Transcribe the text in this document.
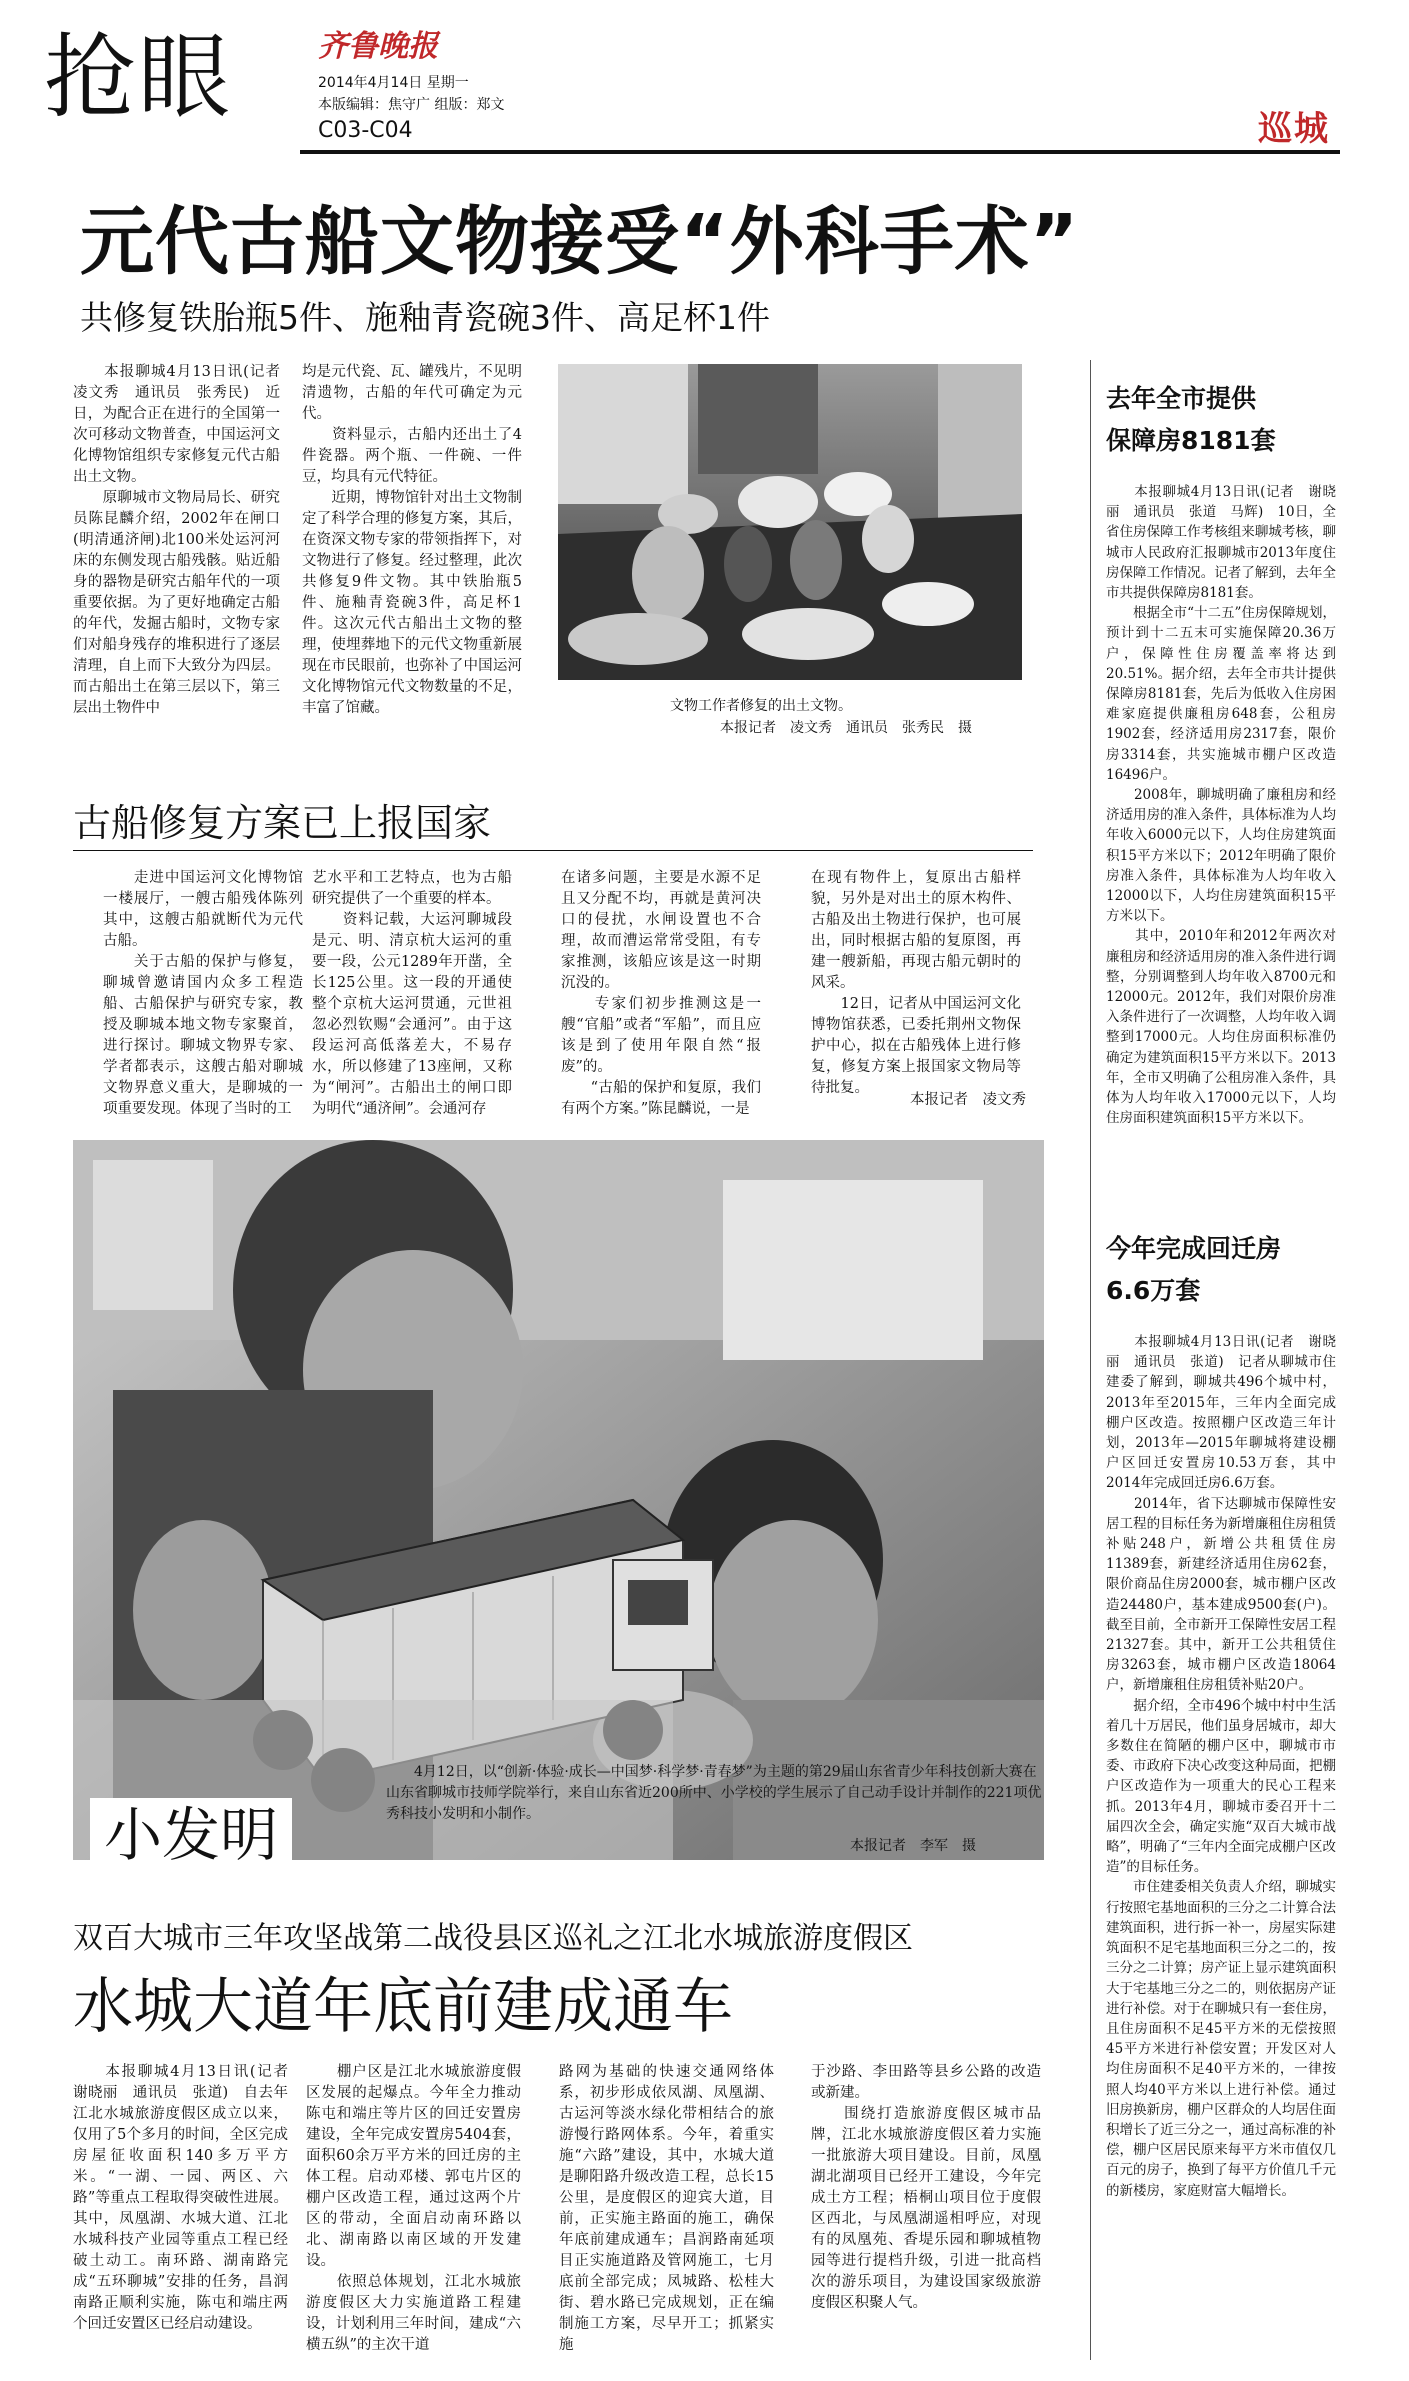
抢眼	齐鲁晚报
2014年4月14日 星期一
本版编辑：焦守广 组版：郑文
C03-C04	巡城
元代古船文物接受“外科手术”
共修复铁胎瓶5件、施釉青瓷碗3件、高足杯1件
　　本报聊城4月13日讯(记者　凌文秀　通讯员　张秀民)　近日，为配合正在进行的全国第一次可移动文物普查，中国运河文化博物馆组织专家修复元代古船出土文物。
　　原聊城市文物局局长、研究员陈昆麟介绍，2002年在闸口(明清通济闸)北100米处运河河床的东侧发现古船残骸。贴近船身的器物是研究古船年代的一项重要依据。为了更好地确定古船的年代，发掘古船时，文物专家们对船身残存的堆积进行了逐层清理，自上而下大致分为四层。而古船出土在第三层以下，第三层出土物件中
均是元代瓷、瓦、罐残片，不见明清遗物，古船的年代可确定为元代。
　　资料显示，古船内还出土了4件瓷器。两个瓶、一件碗、一件豆，均具有元代特征。
　　近期，博物馆针对出土文物制定了科学合理的修复方案，其后，在资深文物专家的带领指挥下，对文物进行了修复。经过整理，此次共修复9件文物。其中铁胎瓶5件、施釉青瓷碗3件，高足杯1件。这次元代古船出土文物的整理，使埋葬地下的元代文物重新展现在市民眼前，也弥补了中国运河文化博物馆元代文物数量的不足，丰富了馆藏。	文物工作者修复的出土文物。
本报记者　凌文秀　通讯员　张秀民　摄
古船修复方案已上报国家
　　走进中国运河文化博物馆一楼展厅，一艘古船残体陈列其中，这艘古船就断代为元代古船。
　　关于古船的保护与修复，聊城曾邀请国内众多工程造船、古船保护与研究专家，教授及聊城本地文物专家聚首，进行探讨。聊城文物界专家、学者都表示，这艘古船对聊城文物界意义重大，是聊城的一项重要发现。体现了当时的工
艺水平和工艺特点，也为古船研究提供了一个重要的样本。
　　资料记载，大运河聊城段是元、明、清京杭大运河的重要一段，公元1289年开凿，全长125公里。这一段的开通使整个京杭大运河贯通，元世祖忽必烈钦赐“会通河”。由于这段运河高低落差大，不易存水，所以修建了13座闸，又称为“闸河”。古船出土的闸口即为明代“通济闸”。会通河存
在诸多问题，主要是水源不足且又分配不均，再就是黄河决口的侵扰，水闸设置也不合理，故而漕运常常受阻，有专家推测，该船应该是这一时期沉没的。
　　专家们初步推测这是一艘“官船”或者“军船”，而且应该是到了使用年限自然“报废”的。
　　“古船的保护和复原，我们有两个方案。”陈昆麟说，一是
在现有物件上，复原出古船样貌，另外是对出土的原木构件、古船及出土物进行保护，也可展出，同时根据古船的复原图，再建一艘新船，再现古船元朝时的风采。
　　12日，记者从中国运河文化博物馆获悉，已委托荆州文物保护中心，拟在古船残体上进行修复，修复方案上报国家文物局等待批复。
本报记者　凌文秀
小发明
　　4月12日，以“创新·体验·成长—中国梦·科学梦·青春梦”为主题的第29届山东省青少年科技创新大赛在山东省聊城市技师学院举行，来自山东省近200所中、小学校的学生展示了自己动手设计并制作的221项优秀科技小发明和小制作。
本报记者　李军　摄
去年全市提供
保障房8181套
　　本报聊城4月13日讯(记者　谢晓丽　通讯员　张道　马辉)　10日，全省住房保障工作考核组来聊城考核，聊城市人民政府汇报聊城市2013年度住房保障工作情况。记者了解到，去年全市共提供保障房8181套。
　　根据全市“十二五”住房保障规划，预计到十二五末可实施保障20.36万户，保障性住房覆盖率将达到20.51%。据介绍，去年全市共计提供保障房8181套，先后为低收入住房困难家庭提供廉租房648套，公租房1902套，经济适用房2317套，限价房3314套，共实施城市棚户区改造16496户。
　　2008年，聊城明确了廉租房和经济适用房的准入条件，具体标准为人均年收入6000元以下，人均住房建筑面积15平方米以下；2012年明确了限价房准入条件，具体标准为人均年收入12000以下，人均住房建筑面积15平方米以下。
　　其中，2010年和2012年两次对廉租房和经济适用房的准入条件进行调整，分别调整到人均年收入8700元和12000元。2012年，我们对限价房准入条件进行了一次调整，人均年收入调整到17000元。人均住房面积标准仍确定为建筑面积15平方米以下。2013年，全市又明确了公租房准入条件，具体为人均年收入17000元以下，人均住房面积建筑面积15平方米以下。
今年完成回迁房
6.6万套
　　本报聊城4月13日讯(记者　谢晓丽　通讯员　张道)　记者从聊城市住建委了解到，聊城共496个城中村，2013年至2015年，三年内全面完成棚户区改造。按照棚户区改造三年计划，2013年—2015年聊城将建设棚户区回迁安置房10.53万套，其中2014年完成回迁房6.6万套。
　　2014年，省下达聊城市保障性安居工程的目标任务为新增廉租住房租赁补贴248户，新增公共租赁住房11389套，新建经济适用住房62套，限价商品住房2000套，城市棚户区改造24480户，基本建成9500套(户)。截至目前，全市新开工保障性安居工程21327套。其中，新开工公共租赁住房3263套，城市棚户区改造18064户，新增廉租住房租赁补贴20户。
　　据介绍，全市496个城中村中生活着几十万居民，他们虽身居城市，却大多数住在简陋的棚户区中，聊城市市委、市政府下决心改变这种局面，把棚户区改造作为一项重大的民心工程来抓。2013年4月，聊城市委召开十二届四次全会，确定实施“双百大城市战略”，明确了“三年内全面完成棚户区改造”的目标任务。
　　市住建委相关负责人介绍，聊城实行按照宅基地面积的三分之二计算合法建筑面积，进行拆一补一，房屋实际建筑面积不足宅基地面积三分之二的，按三分之二计算；房产证上显示建筑面积大于宅基地三分之二的，则依据房产证进行补偿。对于在聊城只有一套住房，且住房面积不足45平方米的无偿按照45平方米进行补偿安置；开发区对人均住房面积不足40平方米的，一律按照人均40平方米以上进行补偿。通过旧房换新房，棚户区群众的人均居住面积增长了近三分之一，通过高标准的补偿，棚户区居民原来每平方米市值仅几百元的房子，换到了每平方价值几千元的新楼房，家庭财富大幅增长。
双百大城市三年攻坚战第二战役县区巡礼之江北水城旅游度假区
水城大道年底前建成通车
　　本报聊城4月13日讯(记者　谢晓丽　通讯员　张道)　自去年江北水城旅游度假区成立以来，仅用了5个多月的时间，全区完成房屋征收面积140多万平方米。“一湖、一园、两区、六路”等重点工程取得突破性进展。其中，凤凰湖、水城大道、江北水城科技产业园等重点工程已经破土动工。南环路、湖南路完成“五环聊城”安排的任务，昌润南路正顺利实施，陈屯和端庄两个回迁安置区已经启动建设。
　　棚户区是江北水城旅游度假区发展的起爆点。今年全力推动陈屯和端庄等片区的回迁安置房建设，全年完成安置房5404套，面积60余万平方米的回迁房的主体工程。启动邓楼、郭屯片区的棚户区改造工程，通过这两个片区的带动，全面启动南环路以北、湖南路以南区域的开发建设。
　　依照总体规划，江北水城旅游度假区大力实施道路工程建设，计划利用三年时间，建成“六横五纵”的主次干道
路网为基础的快速交通网络体系，初步形成依凤湖、凤凰湖、古运河等淡水绿化带相结合的旅游慢行路网体系。今年，着重实施“六路”建设，其中，水城大道是聊阳路升级改造工程，总长15公里，是度假区的迎宾大道，目前，正实施主路面的施工，确保年底前建成通车；昌润路南延项目正实施道路及管网施工，七月底前全部完成；凤城路、松桂大街、碧水路已完成规划，正在编制施工方案，尽早开工；抓紧实施
于沙路、李田路等县乡公路的改造或新建。
　　围绕打造旅游度假区城市品牌，江北水城旅游度假区着力实施一批旅游大项目建设。目前，凤凰湖北湖项目已经开工建设，今年完成土方工程；梧桐山项目位于度假区西北，与凤凰湖遥相呼应，对现有的凤凰苑、香堤乐园和聊城植物园等进行提档升级，引进一批高档次的游乐项目，为建设国家级旅游度假区积聚人气。
